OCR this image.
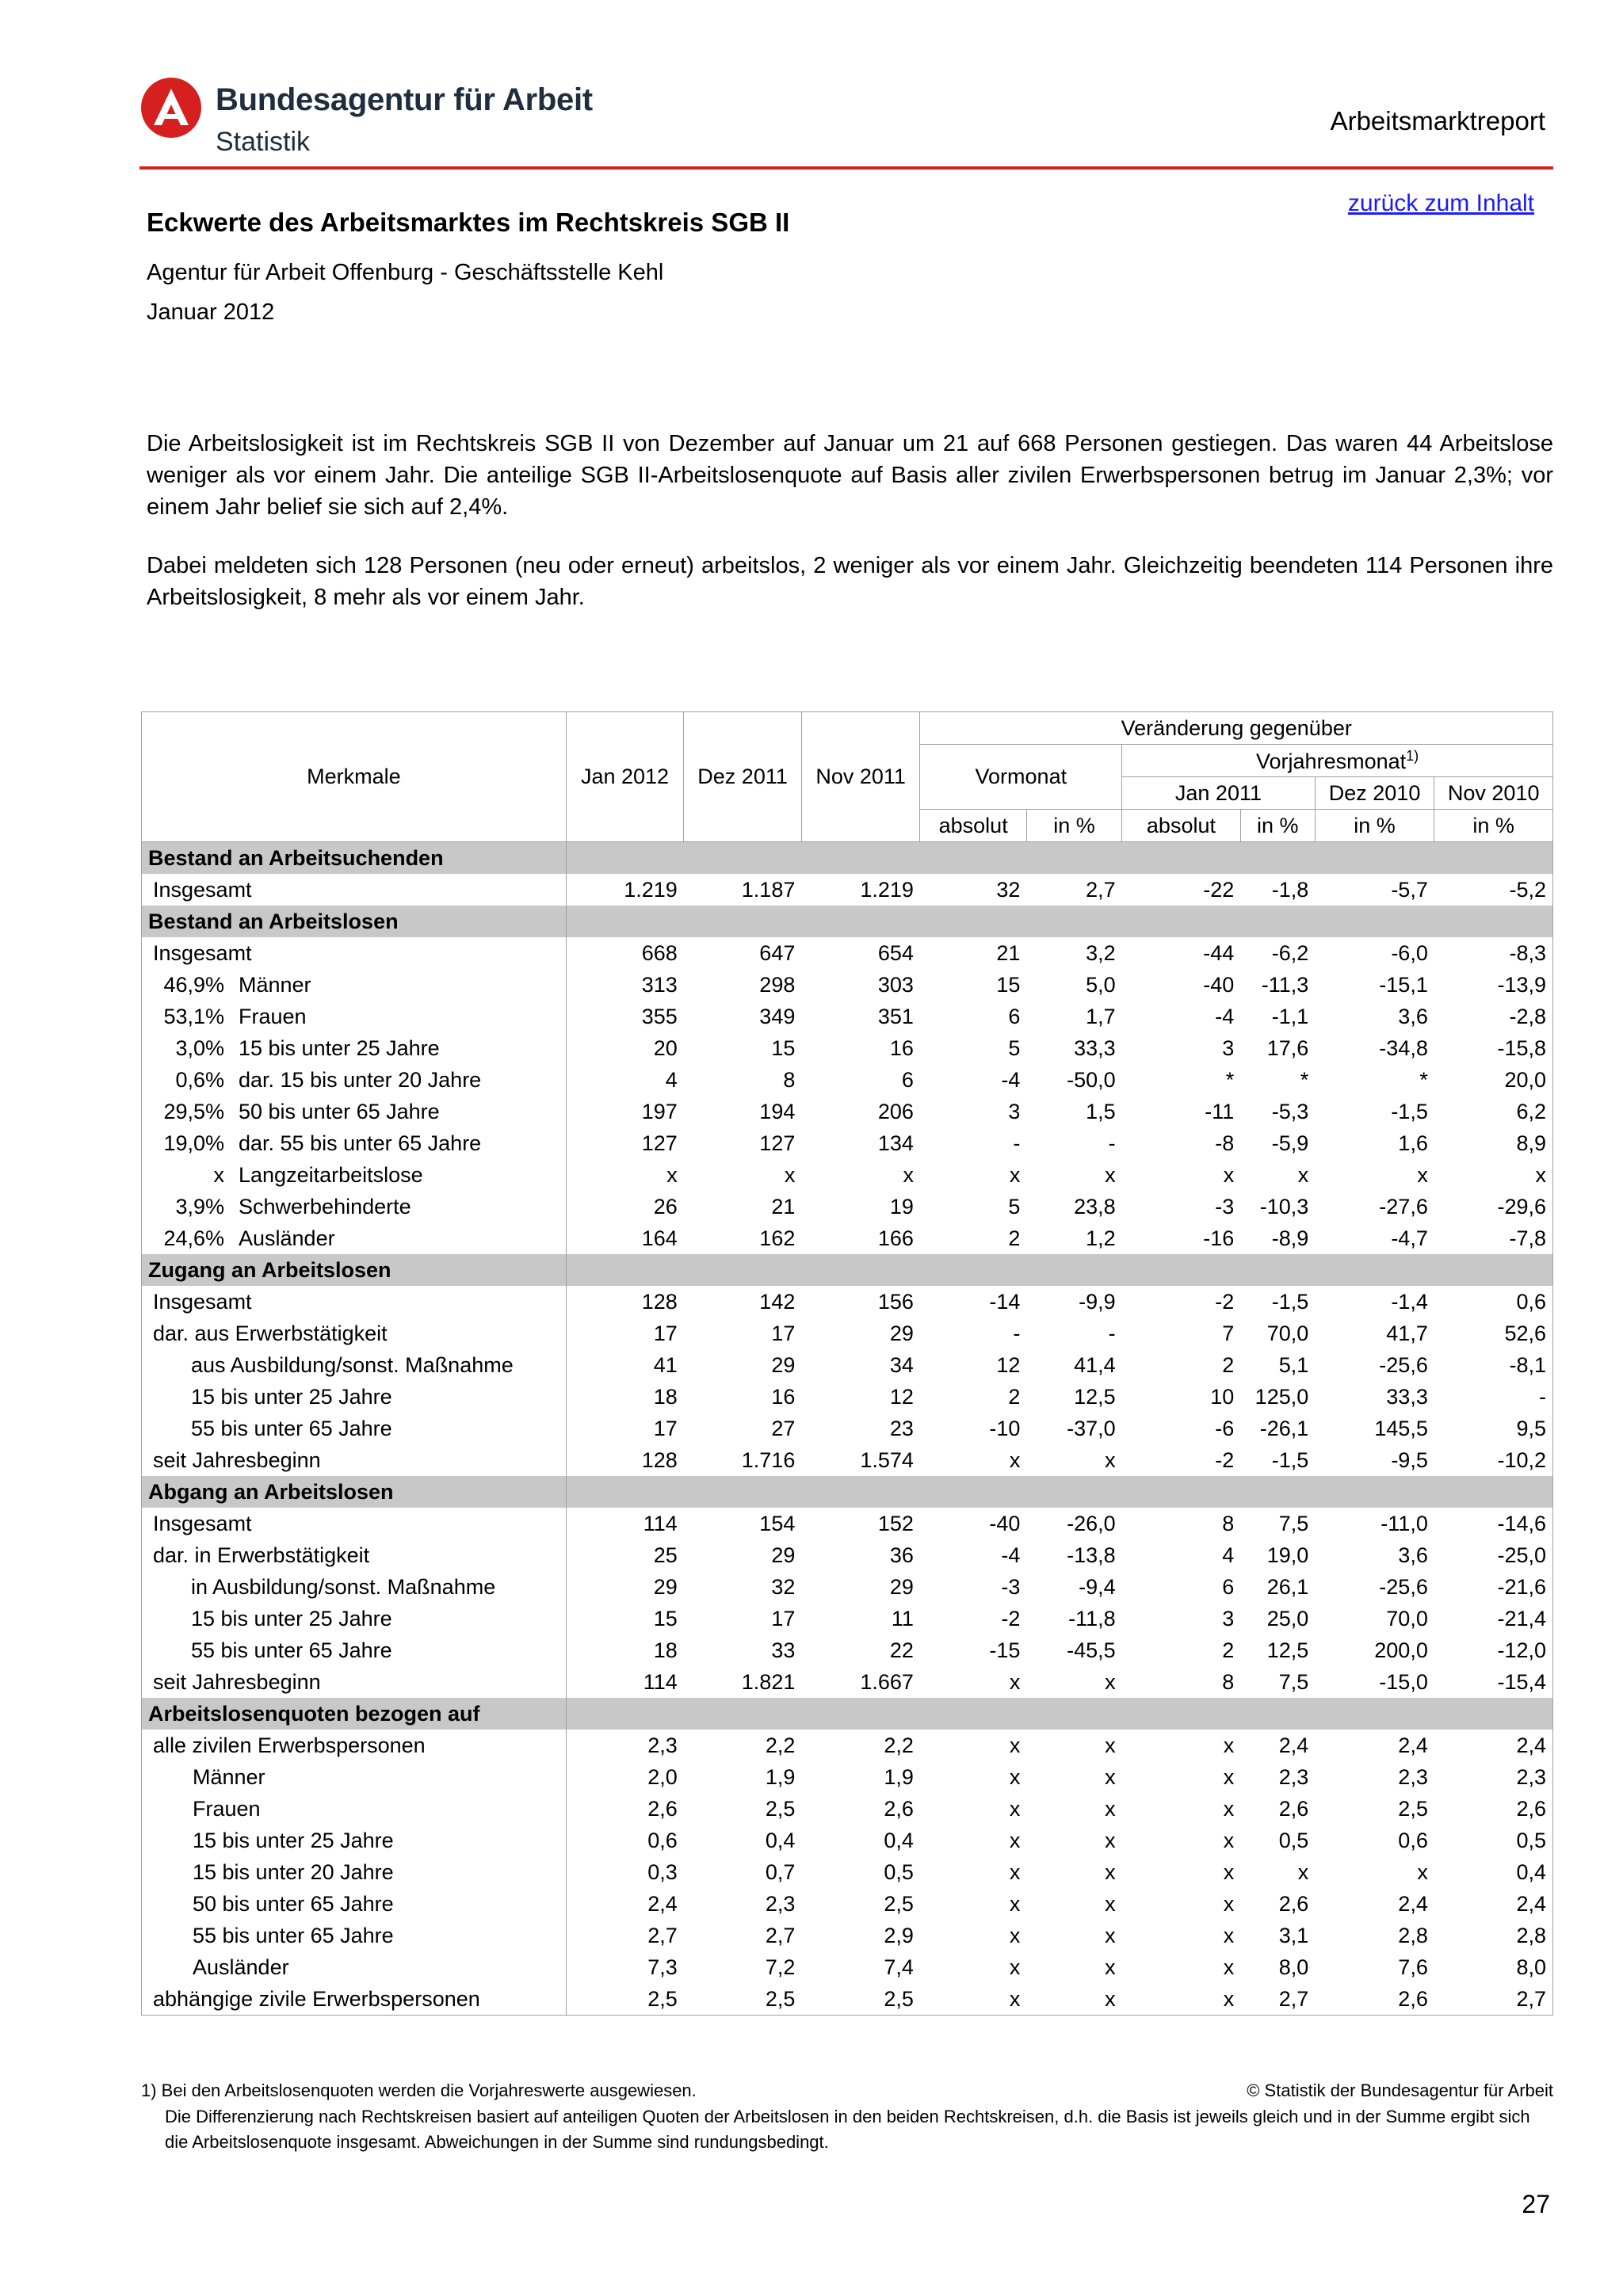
Bundesagentur für Arbeit
Statistik
Arbeitsmarktreport
zurück zum Inhalt
Eckwerte des Arbeitsmarktes im Rechtskreis SGB II
Agentur für Arbeit Offenburg - Geschäftsstelle Kehl
Januar 2012

Die Arbeitslosigkeit ist im Rechtskreis SGB II von Dezember auf Januar um 21 auf 668 Personen gestiegen. Das waren 44 Arbeitslose weniger als vor einem Jahr. Die anteilige SGB II-Arbeitslosenquote auf Basis aller zivilen Erwerbspersonen betrug im Januar 2,3%; vor einem Jahr belief sie sich auf 2,4%.

Dabei meldeten sich 128 Personen (neu oder erneut) arbeitslos, 2 weniger als vor einem Jahr. Gleichzeitig beendeten 114 Personen ihre Arbeitslosigkeit, 8 mehr als vor einem Jahr.

Merkmale	Jan 2012	Dez 2011	Nov 2011	Veränderung gegenüber					
				Vormonat		Vorjahresmonat$^{1)}$
						Jan 2011		Dez 2010	Nov 2010
				absolut	in %	absolut	in %	in %	in %
Bestand an Arbeitsuchenden									
Insgesamt	1.219	1.187	1.219	32	2,7	-22	-1,8	-5,7	-5,2
Bestand an Arbeitslosen									
Insgesamt	668	647	654	21	3,2	-44	-6,2	-6,0	-8,3
46,9% Männer	313	298	303	15	5,0	-40	-11,3	-15,1	-13,9
53,1% Frauen	355	349	351	6	1,7	-4	-1,1	3,6	-2,8
3,0% 15 bis unter 25 Jahre	20	15	16	5	33,3	3	17,6	-34,8	-15,8
0,6% dar. 15 bis unter 20 Jahre	4	8	6	-4	-50,0	*	*	*	20,0
29,5% 50 bis unter 65 Jahre	197	194	206	3	1,5	-11	-5,3	-1,5	6,2
19,0% dar. 55 bis unter 65 Jahre	127	127	134	-	-	-8	-5,9	1,6	8,9
x Langzeitarbeitslose	x	x	x	x	x	x	x	x	x
3,9% Schwerbehinderte	26	21	19	5	23,8	-3	-10,3	-27,6	-29,6
24,6% Ausländer	164	162	166	2	1,2	-16	-8,9	-4,7	-7,8
Zugang an Arbeitslosen									
Insgesamt	128	142	156	-14	-9,9	-2	-1,5	-1,4	0,6
dar. aus Erwerbstätigkeit	17	17	29	-	-	7	70,0	41,7	52,6
aus Ausbildung/sonst. Maßnahme	41	29	34	12	41,4	2	5,1	-25,6	-8,1
15 bis unter 25 Jahre	18	16	12	2	12,5	10	125,0	33,3	-
55 bis unter 65 Jahre	17	27	23	-10	-37,0	-6	-26,1	145,5	9,5
seit Jahresbeginn	128	1.716	1.574	x	x	-2	-1,5	-9,5	-10,2
Abgang an Arbeitslosen									
Insgesamt	114	154	152	-40	-26,0	8	7,5	-11,0	-14,6
dar. in Erwerbstätigkeit	25	29	36	-4	-13,8	4	19,0	3,6	-25,0
in Ausbildung/sonst. Maßnahme	29	32	29	-3	-9,4	6	26,1	-25,6	-21,6
15 bis unter 25 Jahre	15	17	11	-2	-11,8	3	25,0	70,0	-21,4
55 bis unter 65 Jahre	18	33	22	-15	-45,5	2	12,5	200,0	-12,0
seit Jahresbeginn	114	1.821	1.667	x	x	8	7,5	-15,0	-15,4
Arbeitslosenquoten bezogen auf									
alle zivilen Erwerbspersonen	2,3	2,2	2,2	x	x	x	2,4	2,4	2,4
Männer	2,0	1,9	1,9	x	x	x	2,3	2,3	2,3
Frauen	2,6	2,5	2,6	x	x	x	2,6	2,5	2,6
15 bis unter 25 Jahre	0,6	0,4	0,4	x	x	x	0,5	0,6	0,5
15 bis unter 20 Jahre	0,3	0,7	0,5	x	x	x	x	x	0,4
50 bis unter 65 Jahre	2,4	2,3	2,5	x	x	x	2,6	2,4	2,4
55 bis unter 65 Jahre	2,7	2,7	2,9	x	x	x	3,1	2,8	2,8
Ausländer	7,3	7,2	7,4	x	x	x	8,0	7,6	8,0
abhängige zivile Erwerbspersonen	2,5	2,5	2,5	x	x	x	2,7	2,6	2,7
1) Bei den Arbeitslosenquoten werden die Vorjahreswerte ausgewiesen.	© Statistik der Bundesagentur für Arbeit

Die Differenzierung nach Rechtskreisen basiert auf anteiligen Quoten der Arbeitslosen in den beiden Rechtskreisen, d.h. die Basis ist jeweils gleich und in der Summe ergibt sich die Arbeitslosenquote insgesamt. Abweichungen in der Summe sind rundungsbedingt.

27
